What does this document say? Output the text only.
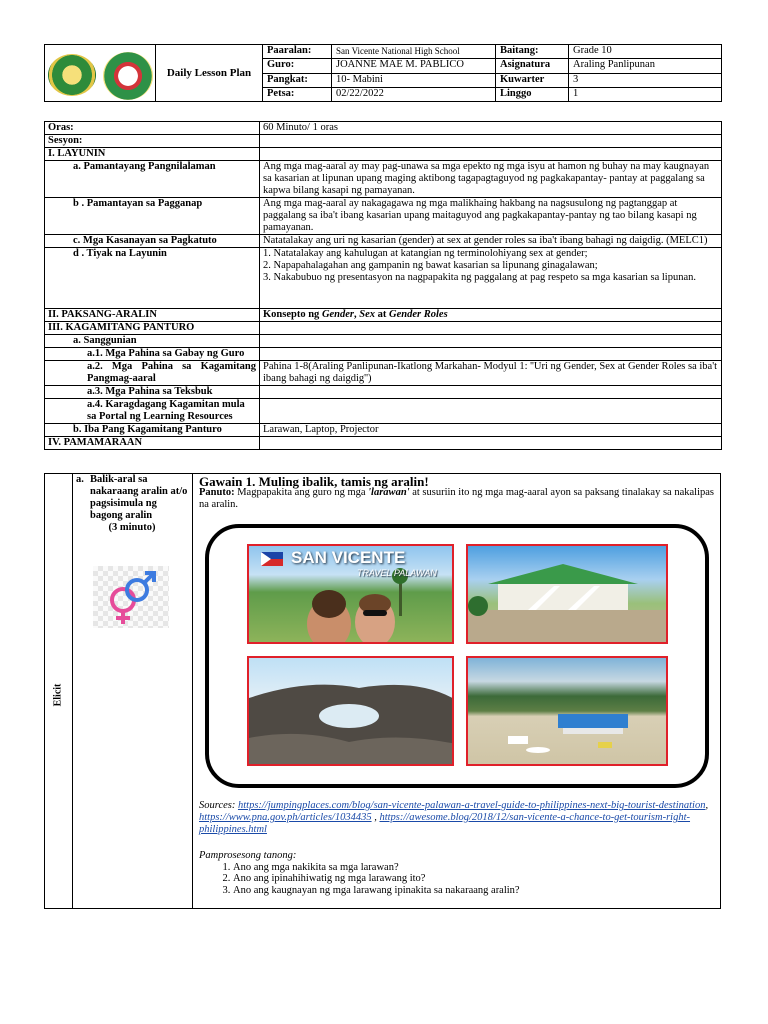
	Daily Lesson Plan	Paaralan:	San Vicente National High School	Baitang:	Grade 10
		Guro:	JOANNE MAE M. PABLICO	Asignatura	Araling Panlipunan
		Pangkat:	10- Mabini	Kuwarter	3
		Petsa:	02/22/2022	Linggo	1
Oras:	60 Minuto/ 1 oras
Sesyon:	
I. LAYUNIN	
a. Pamantayang Pangnilalaman	Ang mga mag-aaral ay may pag-unawa sa mga epekto ng mga isyu at hamon ng buhay na may kaugnayan sa kasarian at lipunan upang maging aktibong tagapagtaguyod ng pagkakapantay- pantay at paggalang sa kapwa bilang kasapi ng pamayanan.
b . Pamantayan sa Pagganap	Ang mga mag-aaral ay nakagagawa ng mga malikhaing hakbang na nagsusulong ng pagtanggap at paggalang sa iba't ibang kasarian upang maitaguyod ang pagkakapantay-pantay ng tao bilang kasapi ng pamayanan.
c. Mga Kasanayan sa Pagkatuto	Natatalakay ang uri ng kasarian (gender) at sex at gender roles sa iba't ibang bahagi ng daigdig. (MELC1)
d . Tiyak na Layunin	1. Natatalakay ang kahulugan at katangian ng terminolohiyang sex at gender;
2. Napapahalagahan ang gampanin ng bawat kasarian sa lipunang ginagalawan;
3. Nakabubuo ng presentasyon na nagpapakita ng paggalang at pag respeto sa mga kasarian sa lipunan.

II. PAKSANG-ARALIN	Konsepto ng Gender, Sex at Gender Roles
III. KAGAMITANG PANTURO	
a. Sanggunian	
a.1. Mga Pahina sa Gabay ng Guro	
a.2. Mga Pahina sa Kagamitang Pangmag-aaral	Pahina 1-8(Araling Panlipunan-Ikatlong Markahan- Modyul 1: ''Uri ng Gender, Sex at Gender Roles sa iba't ibang bahagi ng daigdig'')
a.3. Mga Pahina sa Teksbuk	
a.4. Karagdagang Kagamitan mula sa Portal ng Learning Resources	
b. Iba Pang Kagamitang Panturo	Larawan, Laptop, Projector
IV. PAMAMARAAN	
Elicit
a. Balik-aral sa nakaraang aralin at/o pagsisimula ng bagong aralin
(3 minuto)
Gawain 1. Muling ibalik, tamis ng aralin!
Panuto: Magpapakita ang guro ng mga 'larawan' at susuriin ito ng mga mag-aaral ayon sa paksang tinalakay sa nakalipas na aralin.
SAN VICENTE
TRAVEL PALAWAN
Sources: https://jumpingplaces.com/blog/san-vicente-palawan-a-travel-guide-to-philippines-next-big-tourist-destination, https://www.pna.gov.ph/articles/1034435 , https://awesome.blog/2018/12/san-vicente-a-chance-to-get-tourism-right-philippines.html
Pamprosesong tanong:
1. Ano ang mga nakikita sa mga larawan?
2. Ano ang ipinahihiwatig ng mga larawang ito?
3. Ano ang kaugnayan ng mga larawang ipinakita sa nakaraang aralin?
